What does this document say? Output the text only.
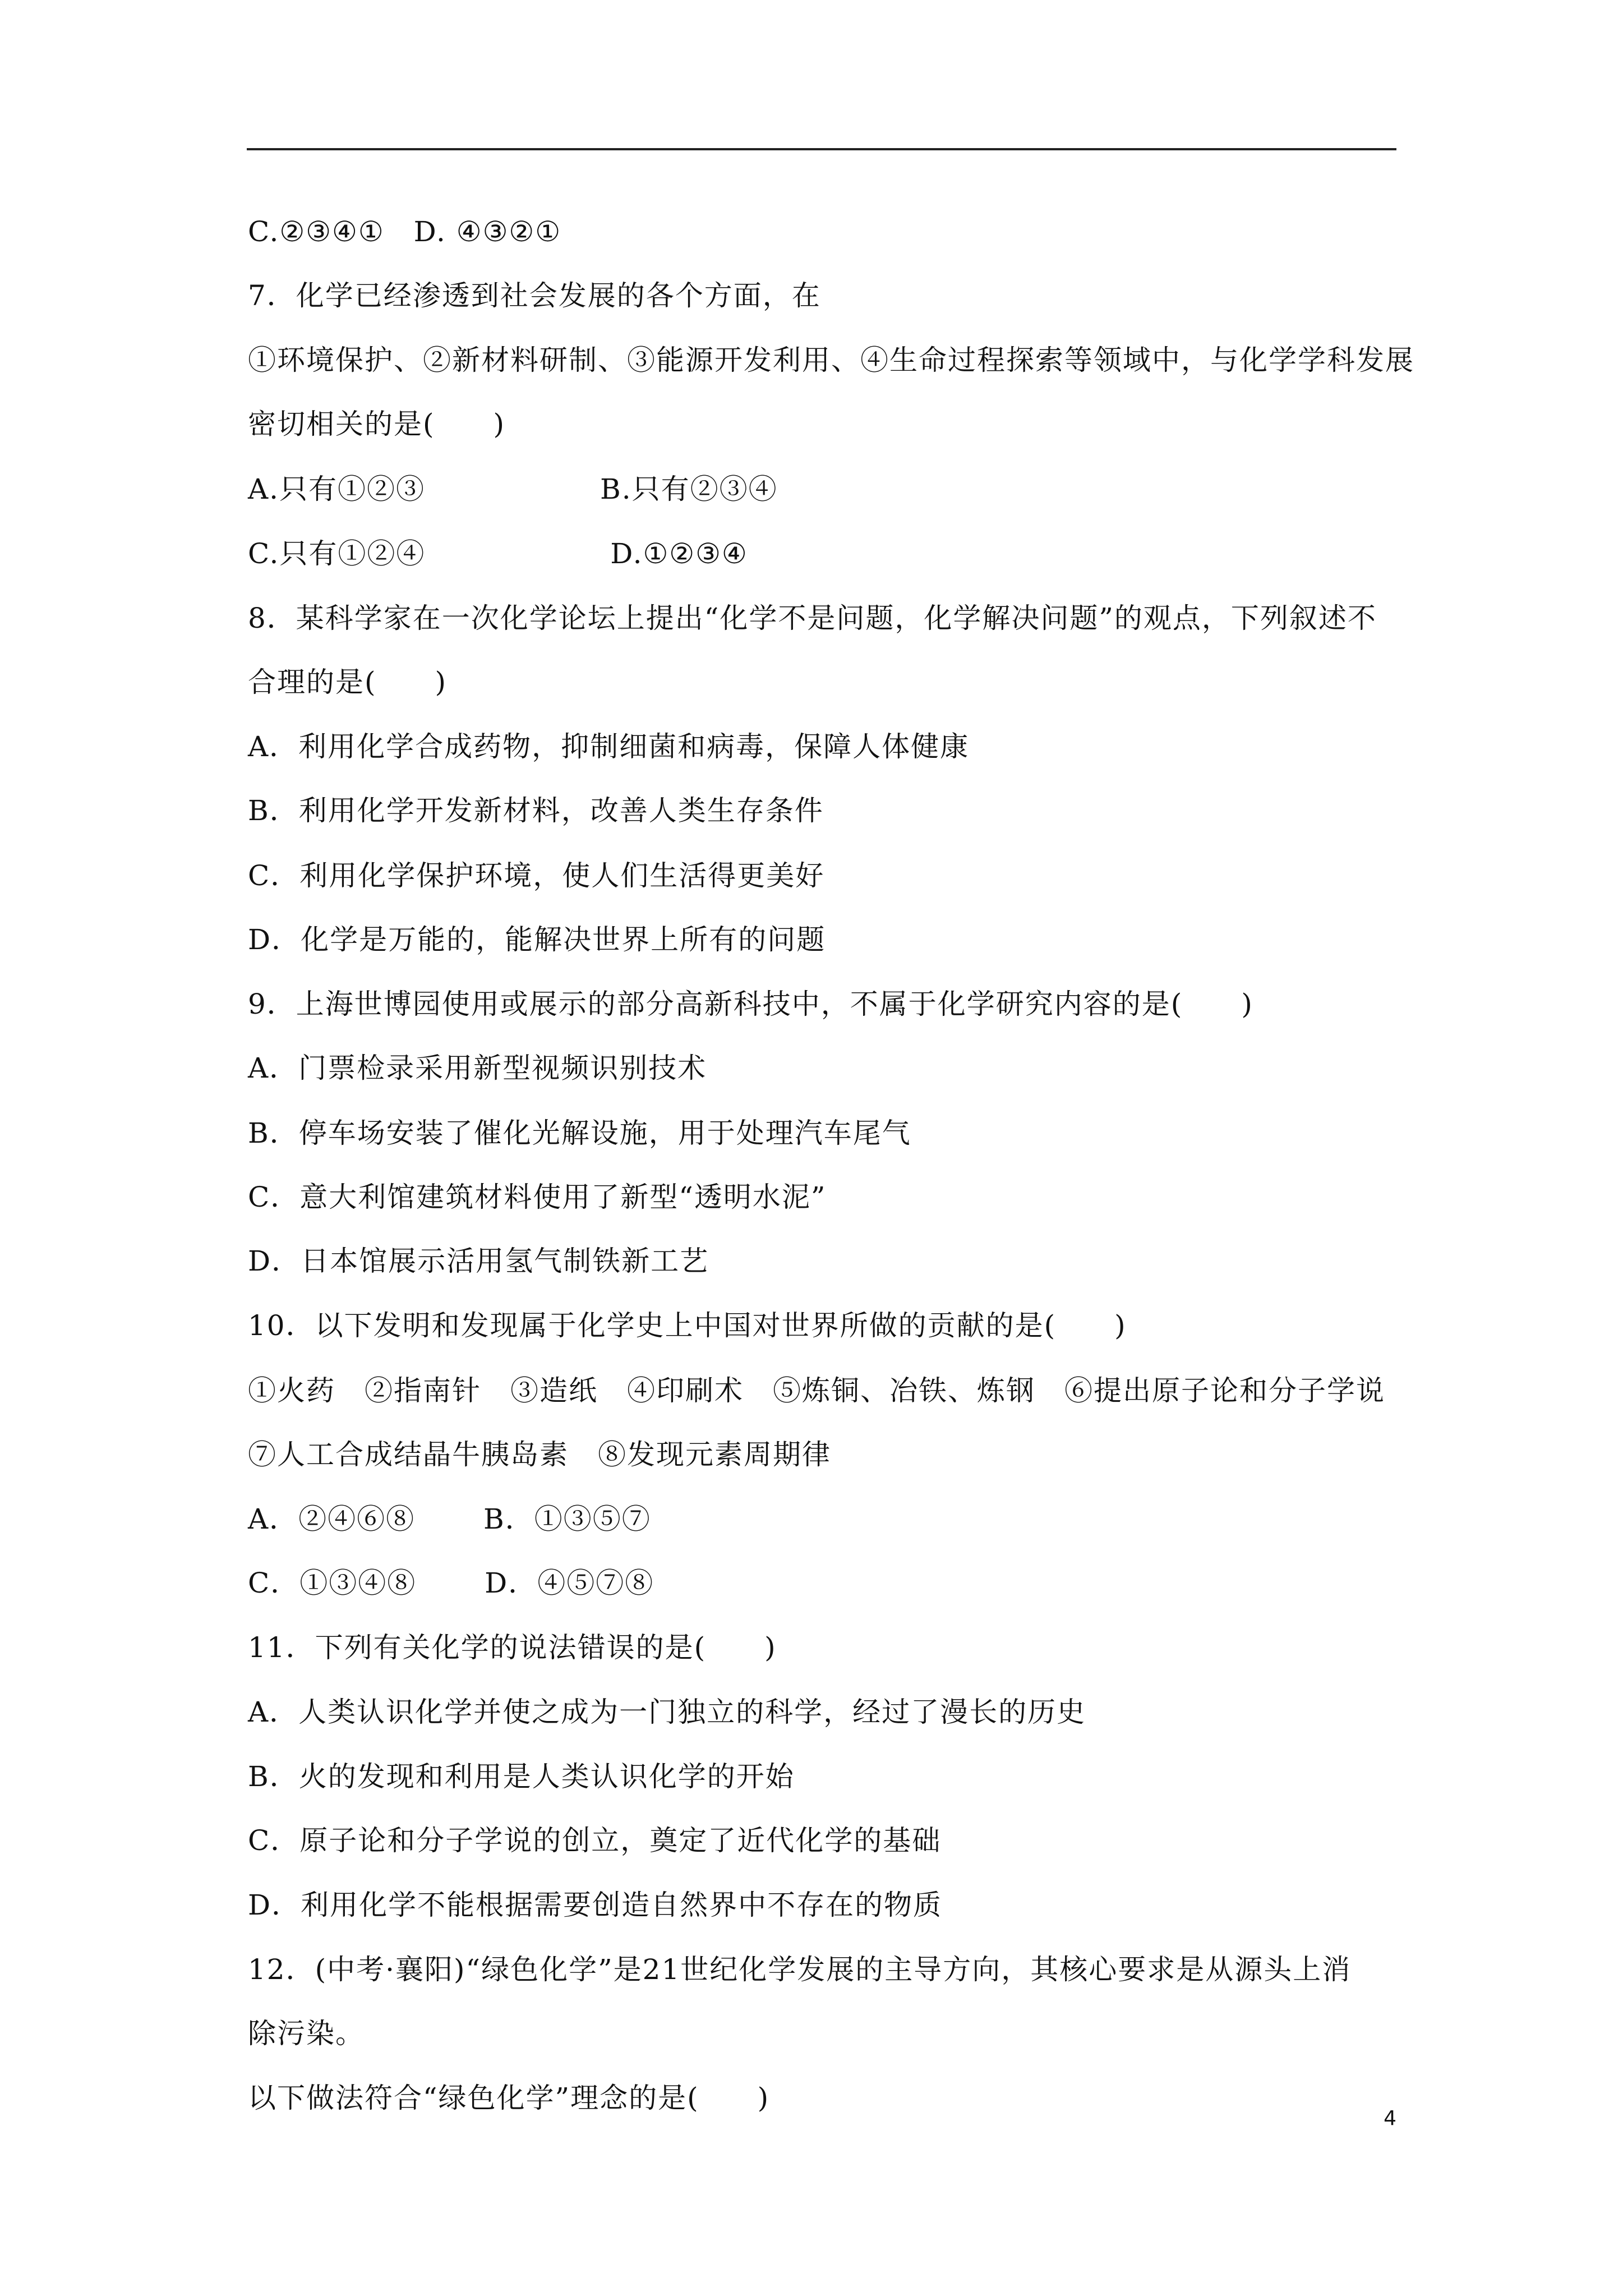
C.②③④①　D. ④③②①
7．化学已经渗透到社会发展的各个方面，在
①环境保护、②新材料研制、③能源开发利用、④生命过程探索等领域中，与化学学科发展
密切相关的是(　　)
A.只有①②③　　　　　　B.只有②③④
C.只有①②④　　　　　　 D.①②③④
8．某科学家在一次化学论坛上提出“化学不是问题，化学解决问题”的观点，下列叙述不
合理的是(　　)
A．利用化学合成药物，抑制细菌和病毒，保障人体健康
B．利用化学开发新材料，改善人类生存条件
C．利用化学保护环境，使人们生活得更美好
D．化学是万能的，能解决世界上所有的问题
9．上海世博园使用或展示的部分高新科技中，不属于化学研究内容的是(　　)
A．门票检录采用新型视频识别技术
B．停车场安装了催化光解设施，用于处理汽车尾气
C．意大利馆建筑材料使用了新型“透明水泥”
D．日本馆展示活用氢气制铁新工艺
10．以下发明和发现属于化学史上中国对世界所做的贡献的是(　　)
①火药　②指南针　③造纸　④印刷术　⑤炼铜、冶铁、炼钢　⑥提出原子论和分子学说
⑦人工合成结晶牛胰岛素　⑧发现元素周期律
A．②④⑥⑧　　 B．①③⑤⑦
C．①③④⑧　　 D．④⑤⑦⑧
11．下列有关化学的说法错误的是(　　)
A．人类认识化学并使之成为一门独立的科学，经过了漫长的历史
B．火的发现和利用是人类认识化学的开始
C．原子论和分子学说的创立，奠定了近代化学的基础
D．利用化学不能根据需要创造自然界中不存在的物质
12．(中考·襄阳)“绿色化学”是21世纪化学发展的主导方向，其核心要求是从源头上消
除污染。
以下做法符合“绿色化学”理念的是(　　)
4
